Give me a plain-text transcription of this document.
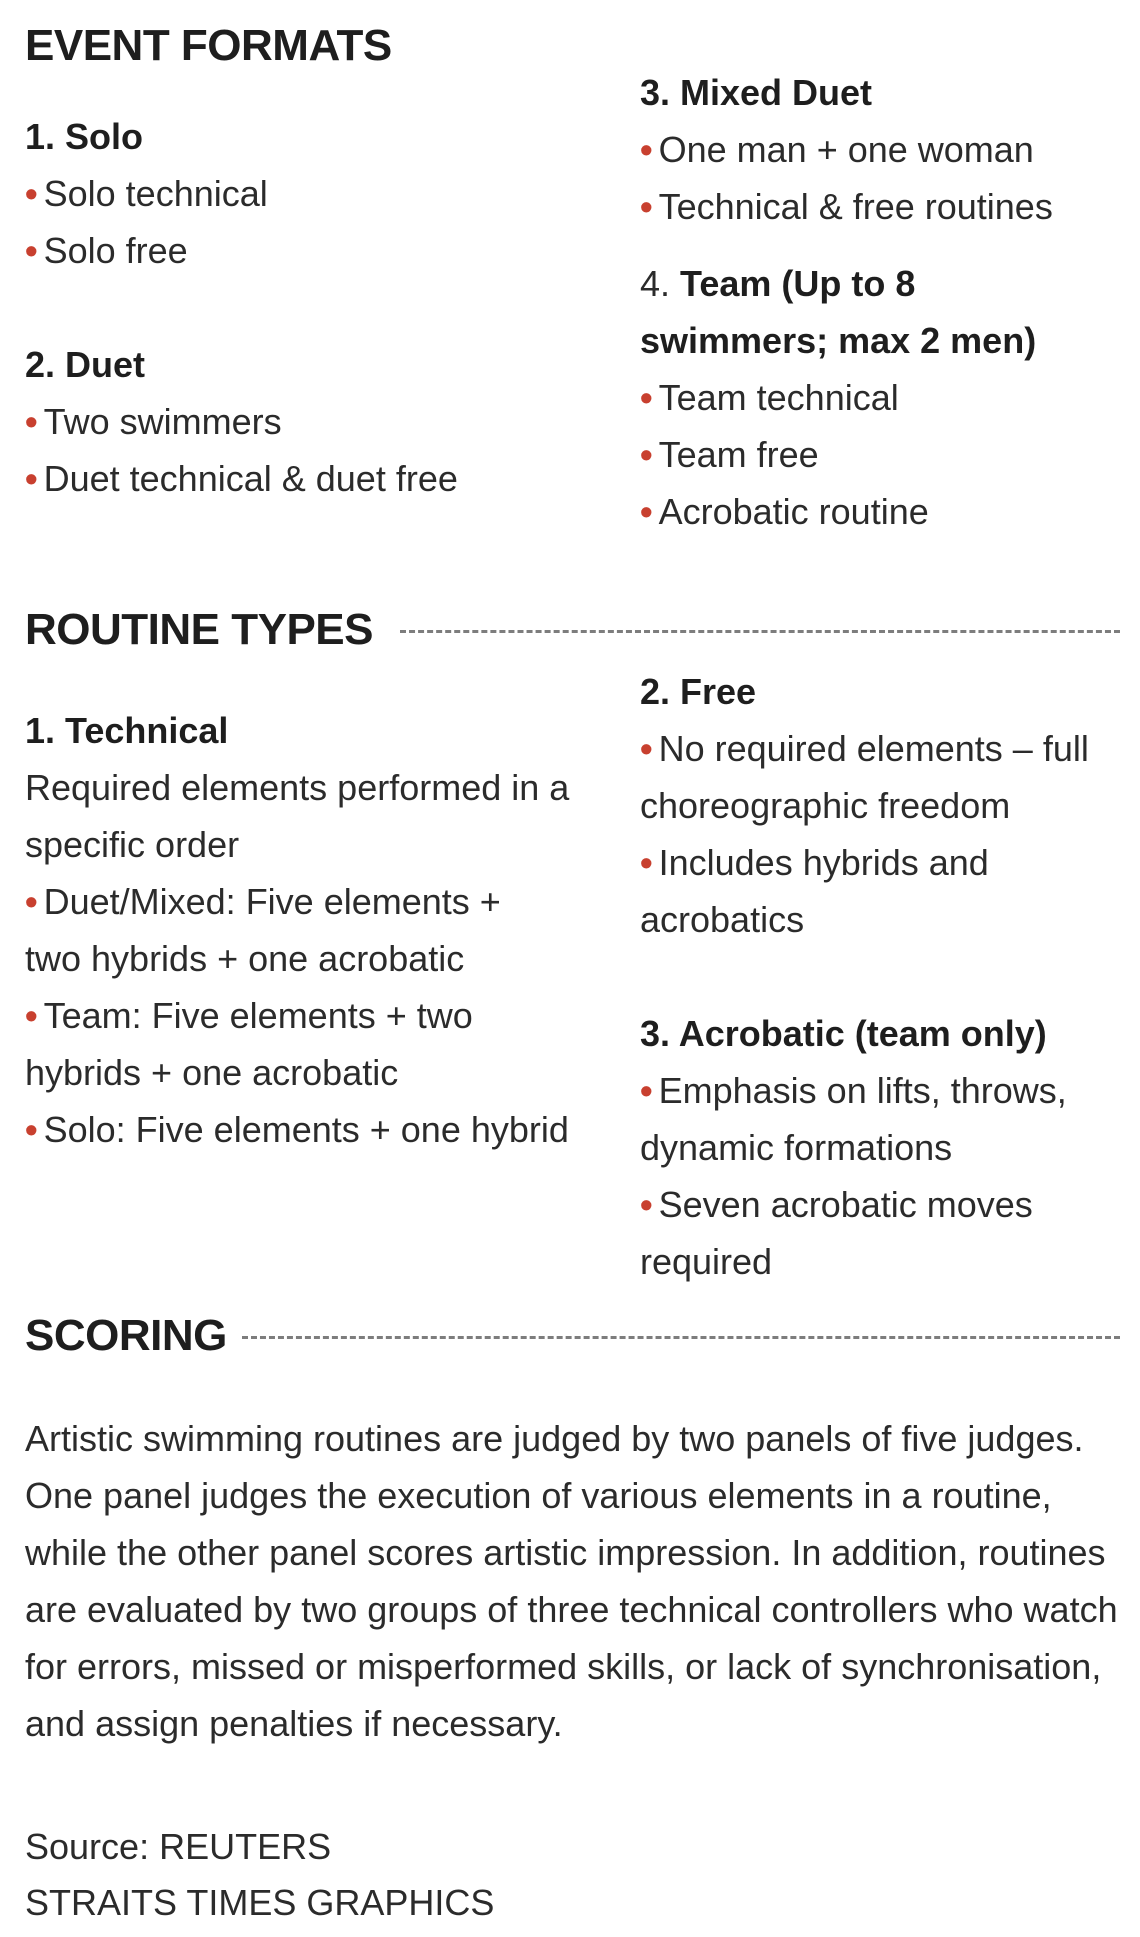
EVENT FORMATS
1. Solo
• Solo technical
• Solo free
2. Duet
• Two swimmers
• Duet technical & duet free
3. Mixed Duet
• One man + one woman
• Technical & free routines
4. Team (Up to 8
swimmers; max 2 men)
• Team technical
• Team free
• Acrobatic routine
ROUTINE TYPES
1. Technical
Required elements performed in a specific order
• Duet/Mixed: Five elements + two hybrids + one acrobatic
• Team: Five elements + two hybrids + one acrobatic
• Solo: Five elements + one hybrid
2. Free
• No required elements – full choreographic freedom
• Includes hybrids and acrobatics
3. Acrobatic (team only)
• Emphasis on lifts, throws, dynamic formations
• Seven acrobatic moves required
SCORING
Artistic swimming routines are judged by two panels of five judges. One panel judges the execution of various elements in a routine, while the other panel scores artistic impression. In addition, routines are evaluated by two groups of three technical controllers who watch for errors, missed or misperformed skills, or lack of synchronisation, and assign penalties if necessary.
Source: REUTERS
STRAITS TIMES GRAPHICS
